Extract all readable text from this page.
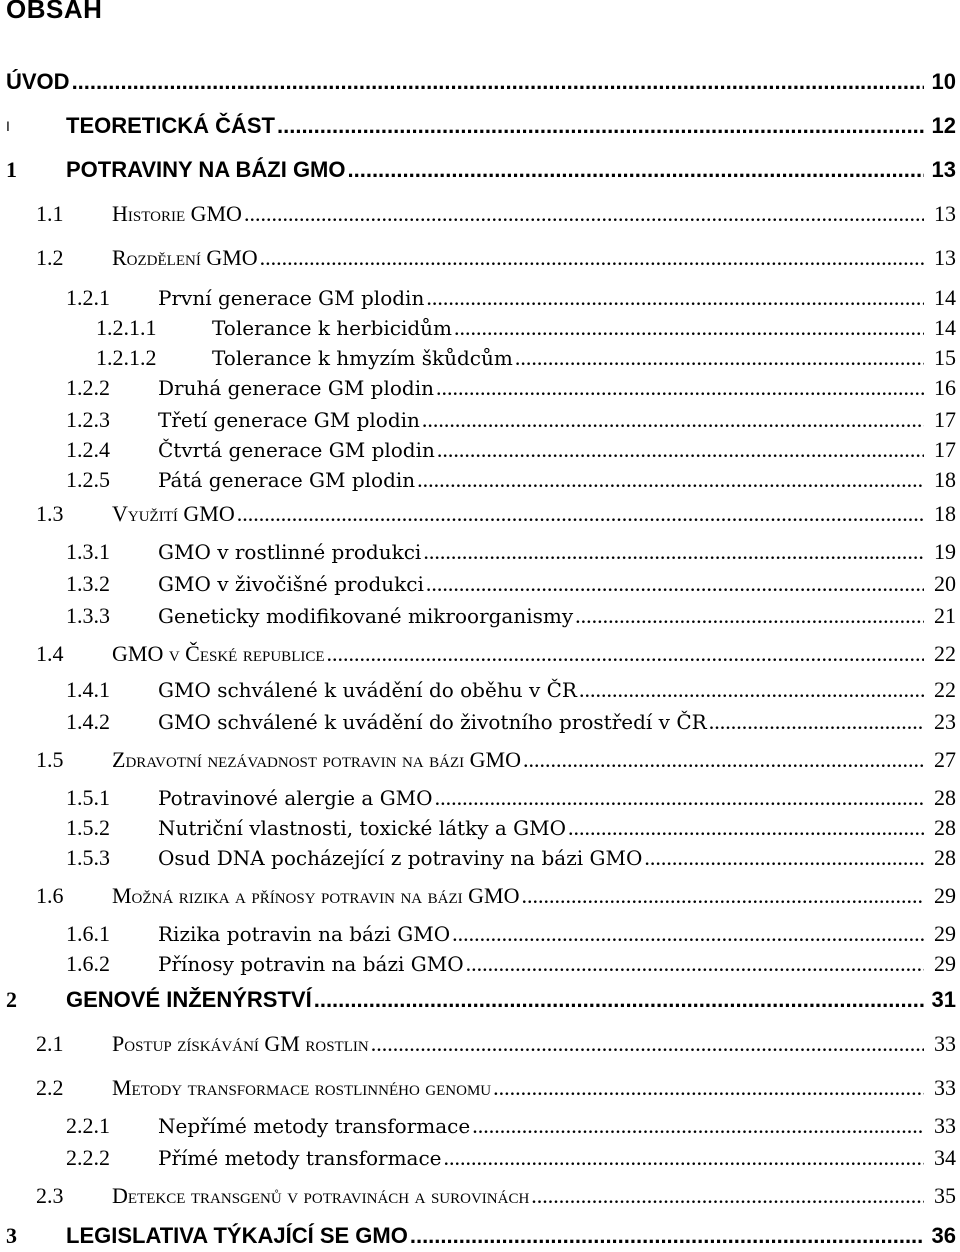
OBSAH
ÚVOD .....	10
I	TEORETICKÁ ČÁST .....	12
1 POTRAVINY NA BÁZI GMO .....	13
1.1 Historie GMO .....	13
1.2 Rozdělení GMO .....	13
1.2.1 První generace GM plodin .....	14
1.2.1.1	Tolerance k herbicidům .....	14
1.2.1.2	Tolerance k hmyzím škůdcům .....	15
1.2.2 Druhá generace GM plodin .....	16
1.2.3 Třetí generace GM plodin .....	17
1.2.4 Čtvrtá generace GM plodin .....	17
1.2.5 Pátá generace GM plodin .....	18
1.3 Využití GMO .....	18
1.3.1 GMO v rostlinné produkci .....	19
1.3.2 GMO v živočišné produkci .....	20
1.3.3 Geneticky modifikované mikroorganismy .....	21
1.4 GMO v České republice .....	22
1.4.1 GMO schválené k uvádění do oběhu v ČR .....	22
1.4.2 GMO schválené k uvádění do životního prostředí v ČR .....	23
1.5 Zdravotní nezávadnost potravin na bázi GMO .....	27
1.5.1 Potravinové alergie a GMO .....	28
1.5.2 Nutriční vlastnosti, toxické látky a GMO .....	28
1.5.3 Osud DNA pocházející z potraviny na bázi GMO .....	28
1.6 Možná rizika a přínosy potravin na bázi GMO .....	29
1.6.1 Rizika potravin na bázi GMO .....	29
1.6.2 Přínosy potravin na bázi GMO .....	29
2 GENOVÉ INŽENÝRSTVÍ .....	31
2.1 Postup získávání GM rostlin .....	33
2.2 Metody transformace rostlinného genomu .....	33
2.2.1 Nepřímé metody transformace .....	33
2.2.2 Přímé metody transformace .....	34
2.3 Detekce transgenů v potravinách a surovinách .....	35
3 LEGISLATIVA TÝKAJÍCÍ SE GMO .....	36
